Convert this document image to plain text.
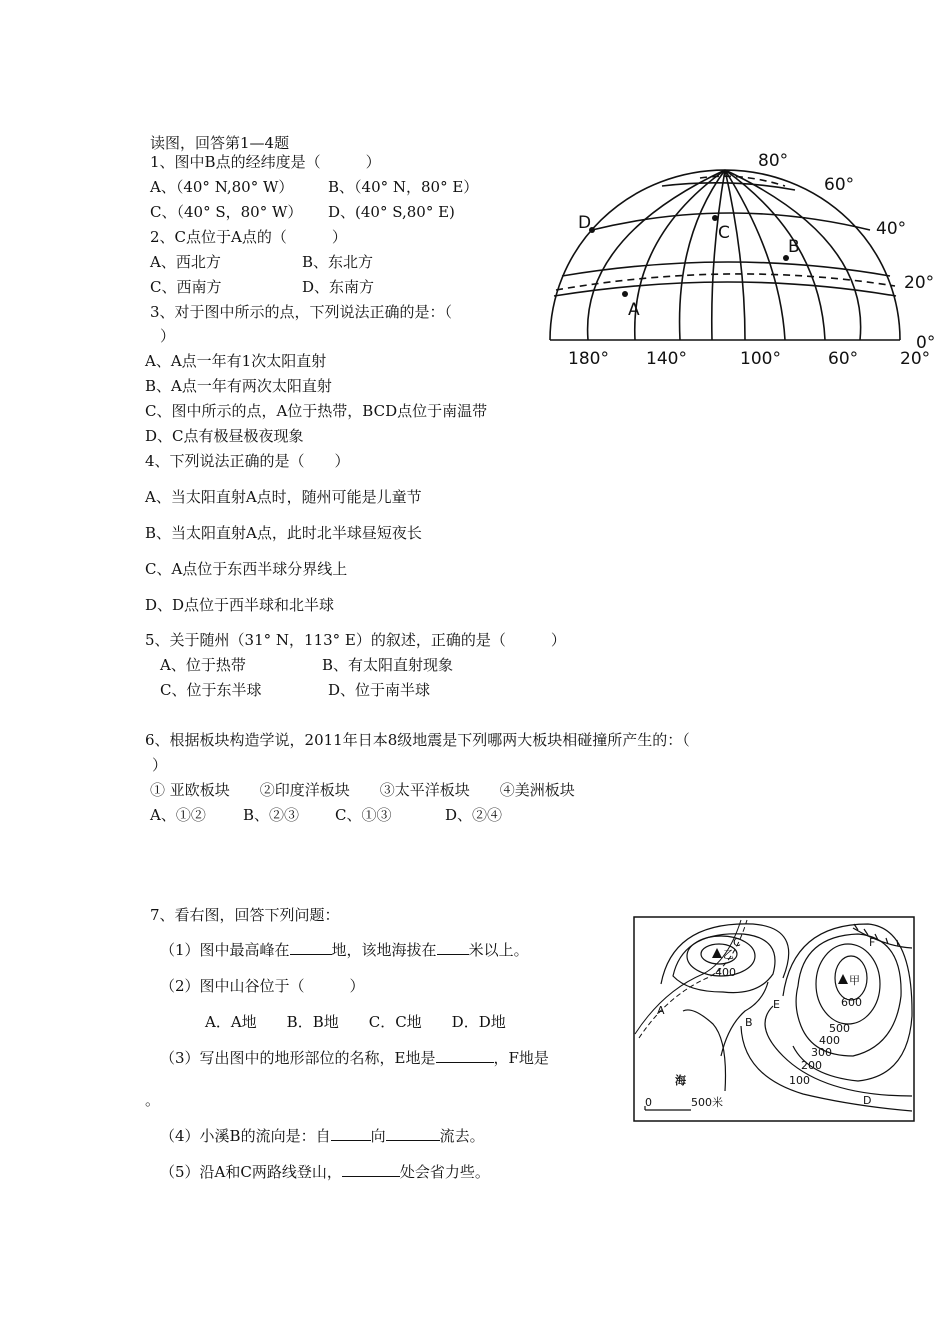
读图，回答第1—4题
1、图中B点的经纬度是（　　　）
A、（40° N,80° W） B、（40° N，80° E）
C、（40° S，80° W） D、(40° S,80° E)
2、C点位于A点的（　　　）
A、西北方	B、东北方
C、西南方	D、东南方
3、对于图中所示的点，下列说法正确的是：（
）
A、A点一年有1次太阳直射
B、A点一年有两次太阳直射
C、图中所示的点，A位于热带，BCD点位于南温带
D、C点有极昼极夜现象
4、下列说法正确的是（　　）
A、当太阳直射A点时，随州可能是儿童节
B、当太阳直射A点，此时北半球昼短夜长
C、A点位于东西半球分界线上
D、D点位于西半球和北半球
5、关于随州（31° N，113° E）的叙述，正确的是（　　　）
A、位于热带	B、有太阳直射现象
C、位于东半球	D、位于南半球
6、根据板块构造学说，2011年日本8级地震是下列哪两大板块相碰撞所产生的：（
）
① 亚欧板块　　②印度洋板块　　③太平洋板块　　④美洲板块
A、①② B、②③ C、①③	D、②④
7、看右图，回答下列问题：
（1）图中最高峰在	地，该地海拔在 米以上。
（2）图中山谷位于（　　　）
A．A地　　B．B地　　C．C地　　D．D地
（3）写出图中的地形部位的名称，E地是	，F地是
。
（4）小溪B的流向是：自	向	流去。
（5）沿A和C两路线登山，	处会省力些。
D	C
B
A
80°
60°
40°
20°
0°
180° 140°	100°	60° 20°
乙
甲
600
500
400
300
200
100
400
A
B
C
D
E
F
海
0	500米
